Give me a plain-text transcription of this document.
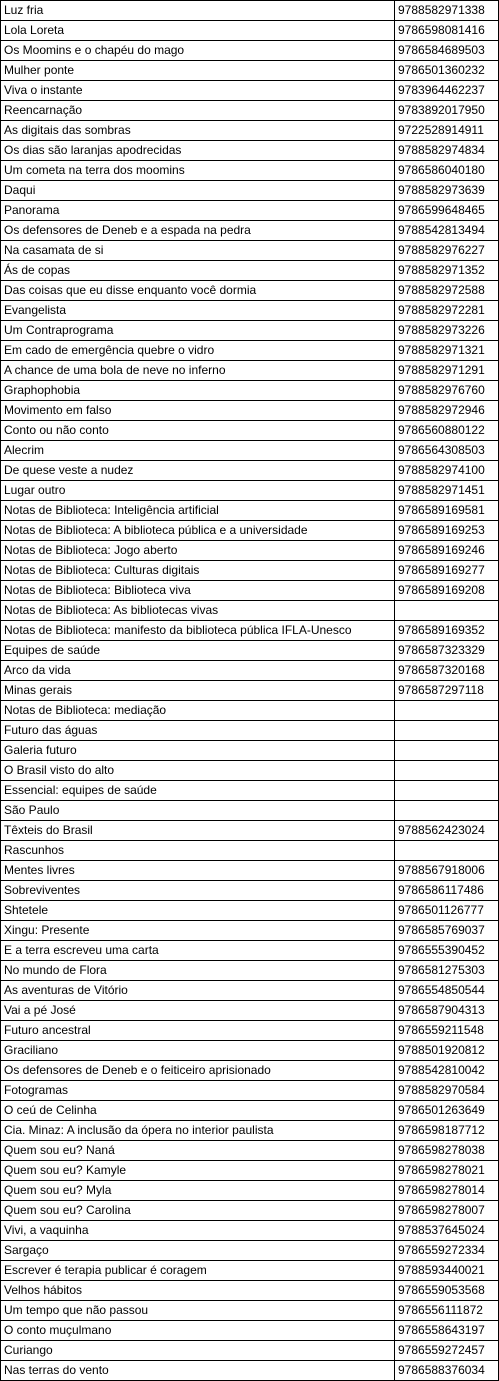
Luz fria	9788582971338
Lola Loreta	9786598081416
Os Moomins e o chapéu do mago	9786584689503
Mulher ponte	9786501360232
Viva o instante	9783964462237
Reencarnação	9783892017950
As digitais das sombras	9722528914911
Os dias são laranjas apodrecidas	9788582974834
Um cometa na terra dos moomins	9786586040180
Daqui	9788582973639
Panorama	9786599648465
Os defensores de Deneb e a espada na pedra	9788542813494
Na casamata de si	9788582976227
Ás de copas	9788582971352
Das coisas que eu disse enquanto você dormia	9788582972588
Evangelista	9788582972281
Um Contraprograma	9788582973226
Em cado de emergência quebre o vidro	9788582971321
A chance de uma bola de neve no inferno	9788582971291
Graphophobia	9788582976760
Movimento em falso	9788582972946
Conto ou não conto	9786560880122
Alecrim	9786564308503
De quese veste a nudez	9788582974100
Lugar outro	9788582971451
Notas de Biblioteca: Inteligência artificial	9786589169581
Notas de Biblioteca: A biblioteca pública e a universidade	9786589169253
Notas de Biblioteca: Jogo aberto	9786589169246
Notas de Biblioteca: Culturas digitais	9786589169277
Notas de Biblioteca: Biblioteca viva	9786589169208
Notas de Biblioteca: As bibliotecas vivas	
Notas de Biblioteca: manifesto da biblioteca pública IFLA-Unesco	9786589169352
Equipes de saúde	9786587323329
Arco da vida	9786587320168
Minas gerais	9786587297118
Notas de Biblioteca: mediação	
Futuro das águas	
Galeria futuro	
O Brasil visto do alto	
Essencial: equipes de saúde	
São Paulo	
Têxteis do Brasil	9788562423024
Rascunhos	
Mentes livres	9788567918006
Sobreviventes	9786586117486
Shtetele	9786501126777
Xingu: Presente	9786585769037
E a terra escreveu uma carta	9786555390452
No mundo de Flora	9786581275303
As aventuras de Vitório	9786554850544
Vai a pé José	9786587904313
Futuro ancestral	9786559211548
Graciliano	9788501920812
Os defensores de Deneb e o feiticeiro aprisionado	9788542810042
Fotogramas	9788582970584
O ceú de Celinha	9786501263649
Cia. Minaz: A inclusão da ópera no interior paulista	9786598187712
Quem sou eu? Naná	9786598278038
Quem sou eu? Kamyle	9786598278021
Quem sou eu? Myla	9786598278014
Quem sou eu? Carolina	9786598278007
Vivi, a vaquinha	9788537645024
Sargaço	9786559272334
Escrever é terapia publicar é coragem	9788593440021
Velhos hábitos	9786559053568
Um tempo que não passou	9786556111872
O conto muçulmano	9786558643197
Curiango	9786559272457
Nas terras do vento	9786588376034
